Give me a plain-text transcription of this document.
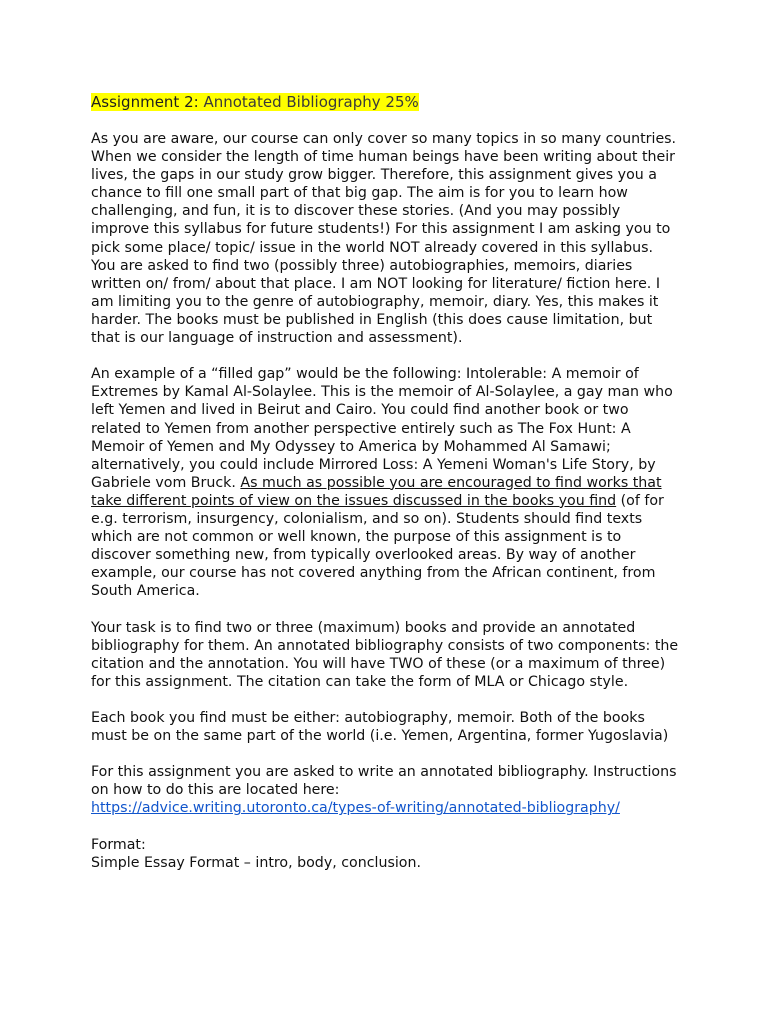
Assignment 2: Annotated Bibliography 25%

As you are aware, our course can only cover so many topics in so many countries. When we consider the length of time human beings have been writing about their lives, the gaps in our study grow bigger. Therefore, this assignment gives you a chance to fill one small part of that big gap. The aim is for you to learn how challenging, and fun, it is to discover these stories. (And you may possibly improve this syllabus for future students!) For this assignment I am asking you to pick some place/ topic/ issue in the world NOT already covered in this syllabus. You are asked to find two (possibly three) autobiographies, memoirs, diaries written on/ from/ about that place. I am NOT looking for literature/ fiction here. I am limiting you to the genre of autobiography, memoir, diary. Yes, this makes it harder. The books must be published in English (this does cause limitation, but that is our language of instruction and assessment).

An example of a “filled gap” would be the following: Intolerable: A memoir of Extremes by Kamal Al-Solaylee. This is the memoir of Al-Solaylee, a gay man who left Yemen and lived in Beirut and Cairo. You could find another book or two related to Yemen from another perspective entirely such as The Fox Hunt: A Memoir of Yemen and My Odyssey to America by Mohammed Al Samawi; alternatively, you could include Mirrored Loss: A Yemeni Woman's Life Story, by Gabriele vom Bruck. As much as possible you are encouraged to find works that take different points of view on the issues discussed in the books you find (of for e.g. terrorism, insurgency, colonialism, and so on). Students should find texts which are not common or well known, the purpose of this assignment is to discover something new, from typically overlooked areas. By way of another example, our course has not covered anything from the African continent, from South America.

Your task is to find two or three (maximum) books and provide an annotated bibliography for them. An annotated bibliography consists of two components: the citation and the annotation. You will have TWO of these (or a maximum of three) for this assignment. The citation can take the form of MLA or Chicago style.

Each book you find must be either: autobiography, memoir. Both of the books must be on the same part of the world (i.e. Yemen, Argentina, former Yugoslavia)

For this assignment you are asked to write an annotated bibliography. Instructions on how to do this are located here:
https://advice.writing.utoronto.ca/types-of-writing/annotated-bibliography/

Format:
Simple Essay Format – intro, body, conclusion.
